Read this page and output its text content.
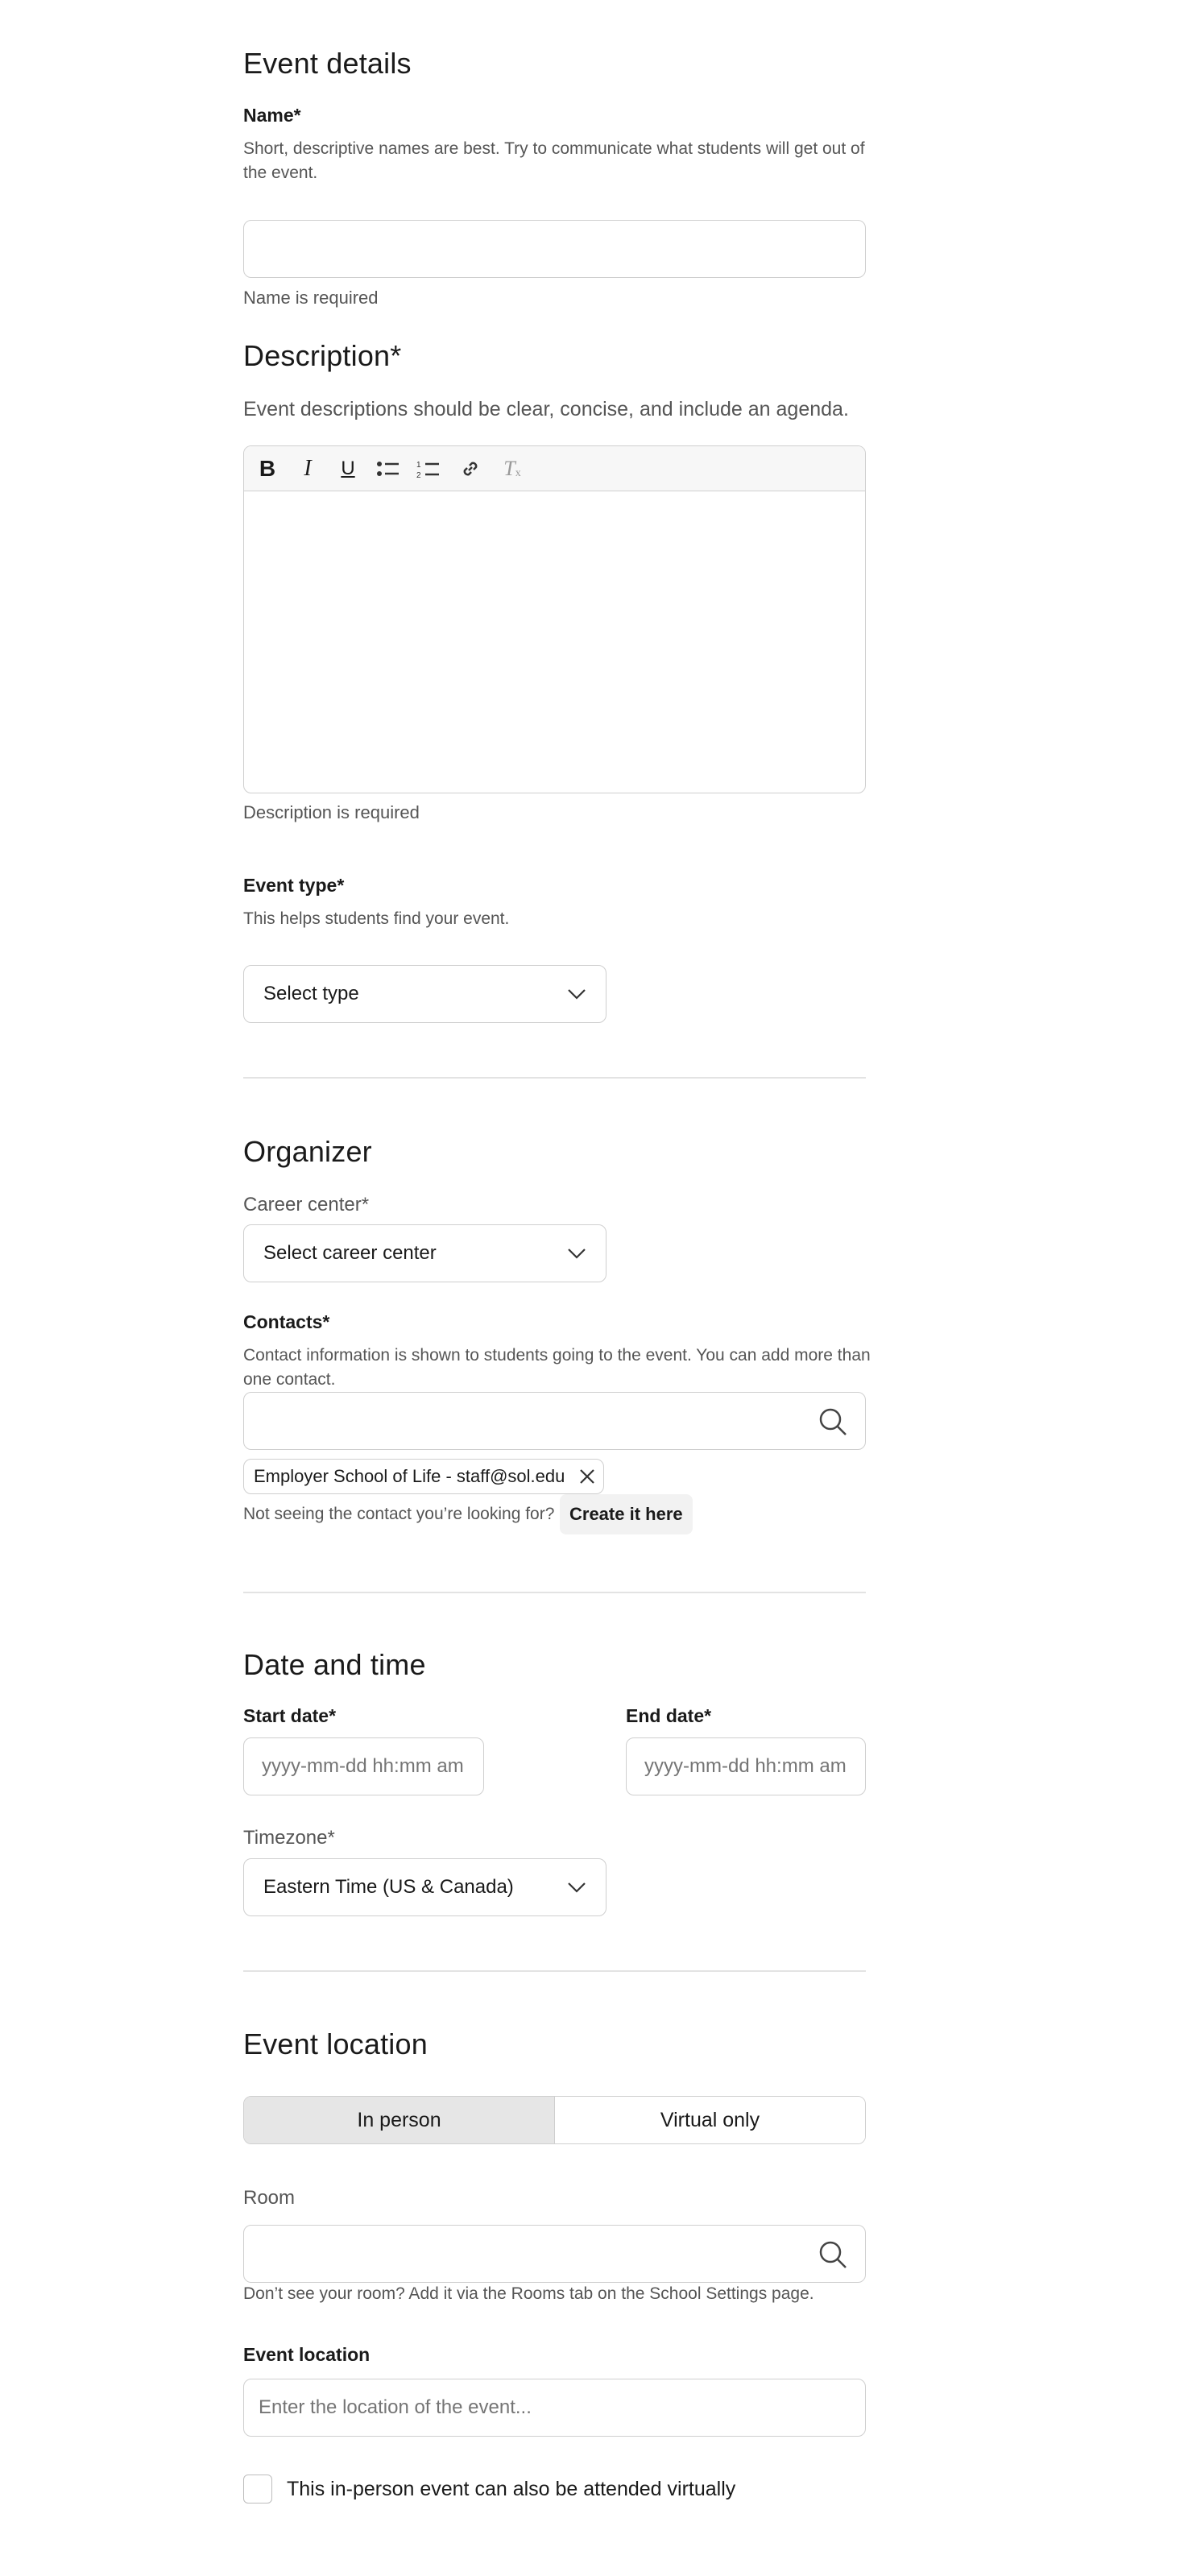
Event details
Name*
Short, descriptive names are best. Try to communicate what students will get out of the event.
Name is required
Description*
Event descriptions should be clear, concise, and include an agenda.
B	I	U	1
2	T x
Description is required
Event type*
This helps students find your event.
Select type
Organizer
Career center*
Select career center
Contacts*
Contact information is shown to students going to the event. You can add more than one contact.
Employer School of Life - staff@sol.edu
Not seeing the contact you’re looking for? Create it here
Date and time
Start date*
yyyy-mm-dd hh:mm am	End date*
yyyy-mm-dd hh:mm am
Timezone*
Eastern Time (US & Canada)
Event location
In person	Virtual only
Room
Don’t see your room? Add it via the Rooms tab on the School Settings page.
Event location
Enter the location of the event...
This in-person event can also be attended virtually
